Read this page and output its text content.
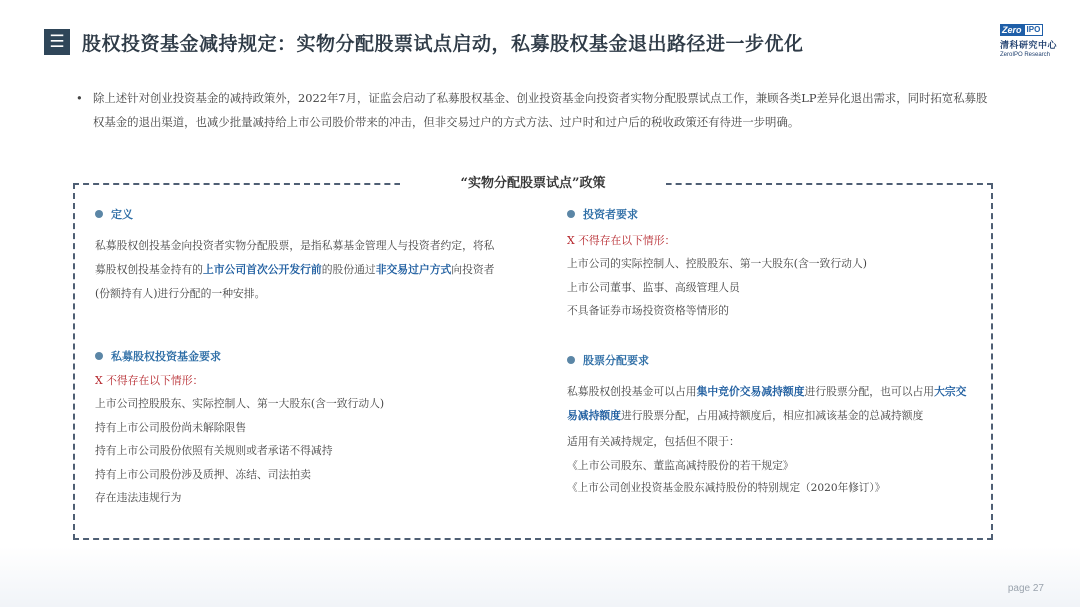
☰ 股权投资基金减持规定：实物分配股票试点启动，私募股权基金退出路径进一步优化
Zero IPO
清科研究中心
ZeroIPO Research
• 除上述针对创业投资基金的减持政策外，2022年7月，证监会启动了私募股权基金、创业投资基金向投资者实物分配股票试点工作，兼顾各类LP差异化退出需求，同时拓宽私募股权基金的退出渠道，也减少批量减持给上市公司股价带来的冲击，但非交易过户的方式方法、过户时和过户后的税收政策还有待进一步明确。

“实物分配股票试点”政策
定义
私募股权创投基金向投资者实物分配股票，是指私募基金管理人与投资者约定，将私募股权创投基金持有的上市公司首次公开发行前的股份通过非交易过户方式向投资者(份额持有人)进行分配的一种安排。
投资者要求
X 不得存在以下情形：
上市公司的实际控制人、控股股东、第一大股东(含一致行动人)
上市公司董事、监事、高级管理人员
不具备证券市场投资资格等情形的
私募股权投资基金要求
X 不得存在以下情形：
上市公司控股股东、实际控制人、第一大股东(含一致行动人)
持有上市公司股份尚未解除限售
持有上市公司股份依照有关规则或者承诺不得减持
持有上市公司股份涉及质押、冻结、司法拍卖
存在违法违规行为
股票分配要求
私募股权创投基金可以占用集中竞价交易减持额度进行股票分配，也可以占用大宗交易减持额度进行股票分配，占用减持额度后，相应扣减该基金的总减持额度
适用有关减持规定，包括但不限于：
《上市公司股东、董监高减持股份的若干规定》
《上市公司创业投资基金股东减持股份的特别规定（2020年修订）》
page 27
